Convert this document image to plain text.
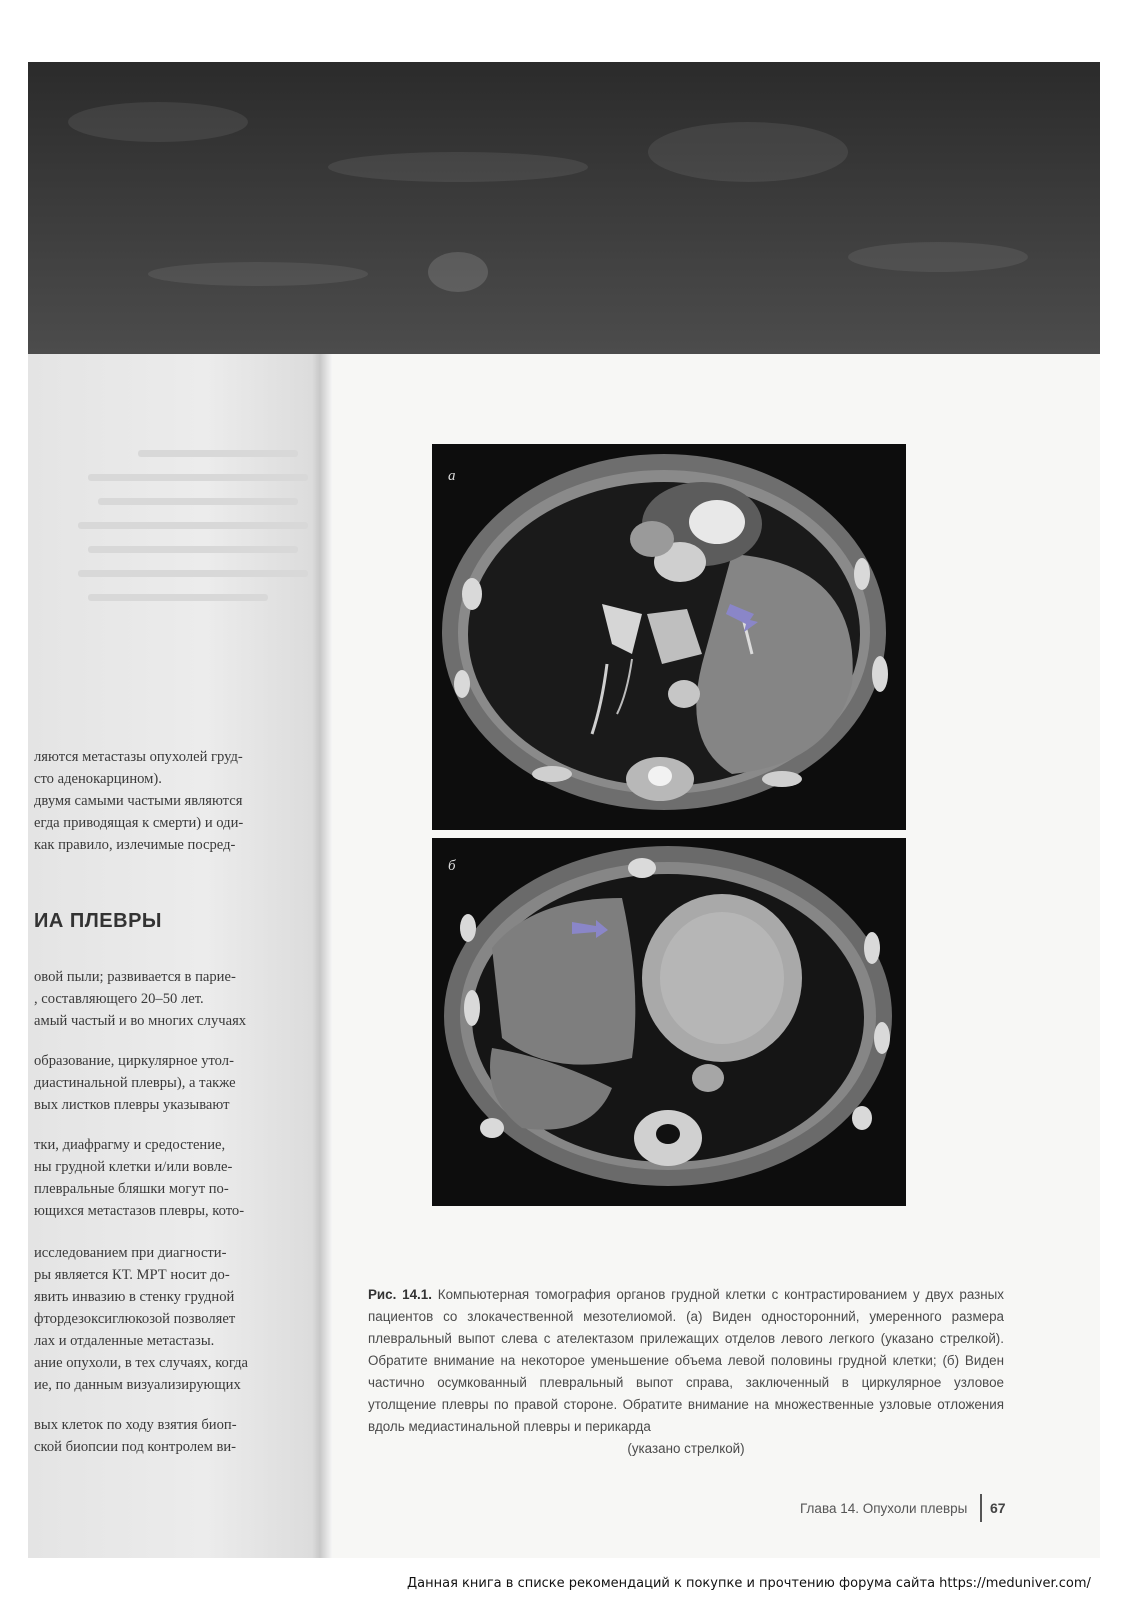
ляются метастазы опухолей груд-
сто аденокарцином).
двумя самыми частыми являются
егда приводящая к смерти) и оди-
как правило, излечимые посред-
ИА ПЛЕВРЫ
овой пыли; развивается в парие-
, составляющего 20–50 лет.
амый частый и во многих случаях
образование, циркулярное утол-
диастинальной плевры), а также
вых листков плевры указывают
тки, диафрагму и средостение,
ны грудной клетки и/или вовле-
плевральные бляшки могут по-
ющихся метастазов плевры, кото-
исследованием при диагности-
ры является КТ. МРТ носит до-
явить инвазию в стенку грудной
фтордезоксиглюкозой позволяет
лах и отдаленные метастазы.
ание опухоли, в тех случаях, когда
ие, по данным визуализирующих
вых клеток по ходу взятия биоп-
ской биопсии под контролем ви-
а
б
Рис. 14.1. Компьютерная томография органов грудной клетки с контрастированием у двух разных пациентов со злокачественной мезотелиомой. (а) Виден односторонний, умеренного размера плевральный выпот слева с ателектазом прилежащих отделов левого легкого (указано стрелкой). Обратите внимание на некоторое уменьшение объема левой половины грудной клетки; (б) Виден частично осумкованный плевральный выпот справа, заключенный в циркулярное узловое утолщение плевры по правой стороне. Обратите внимание на множественные узловые отложения вдоль медиастинальной плевры и перикарда
(указано стрелкой)
Глава 14. Опухоли плевры 67
Данная книга в списке рекомендаций к покупке и прочтению форума сайта https://meduniver.com/
